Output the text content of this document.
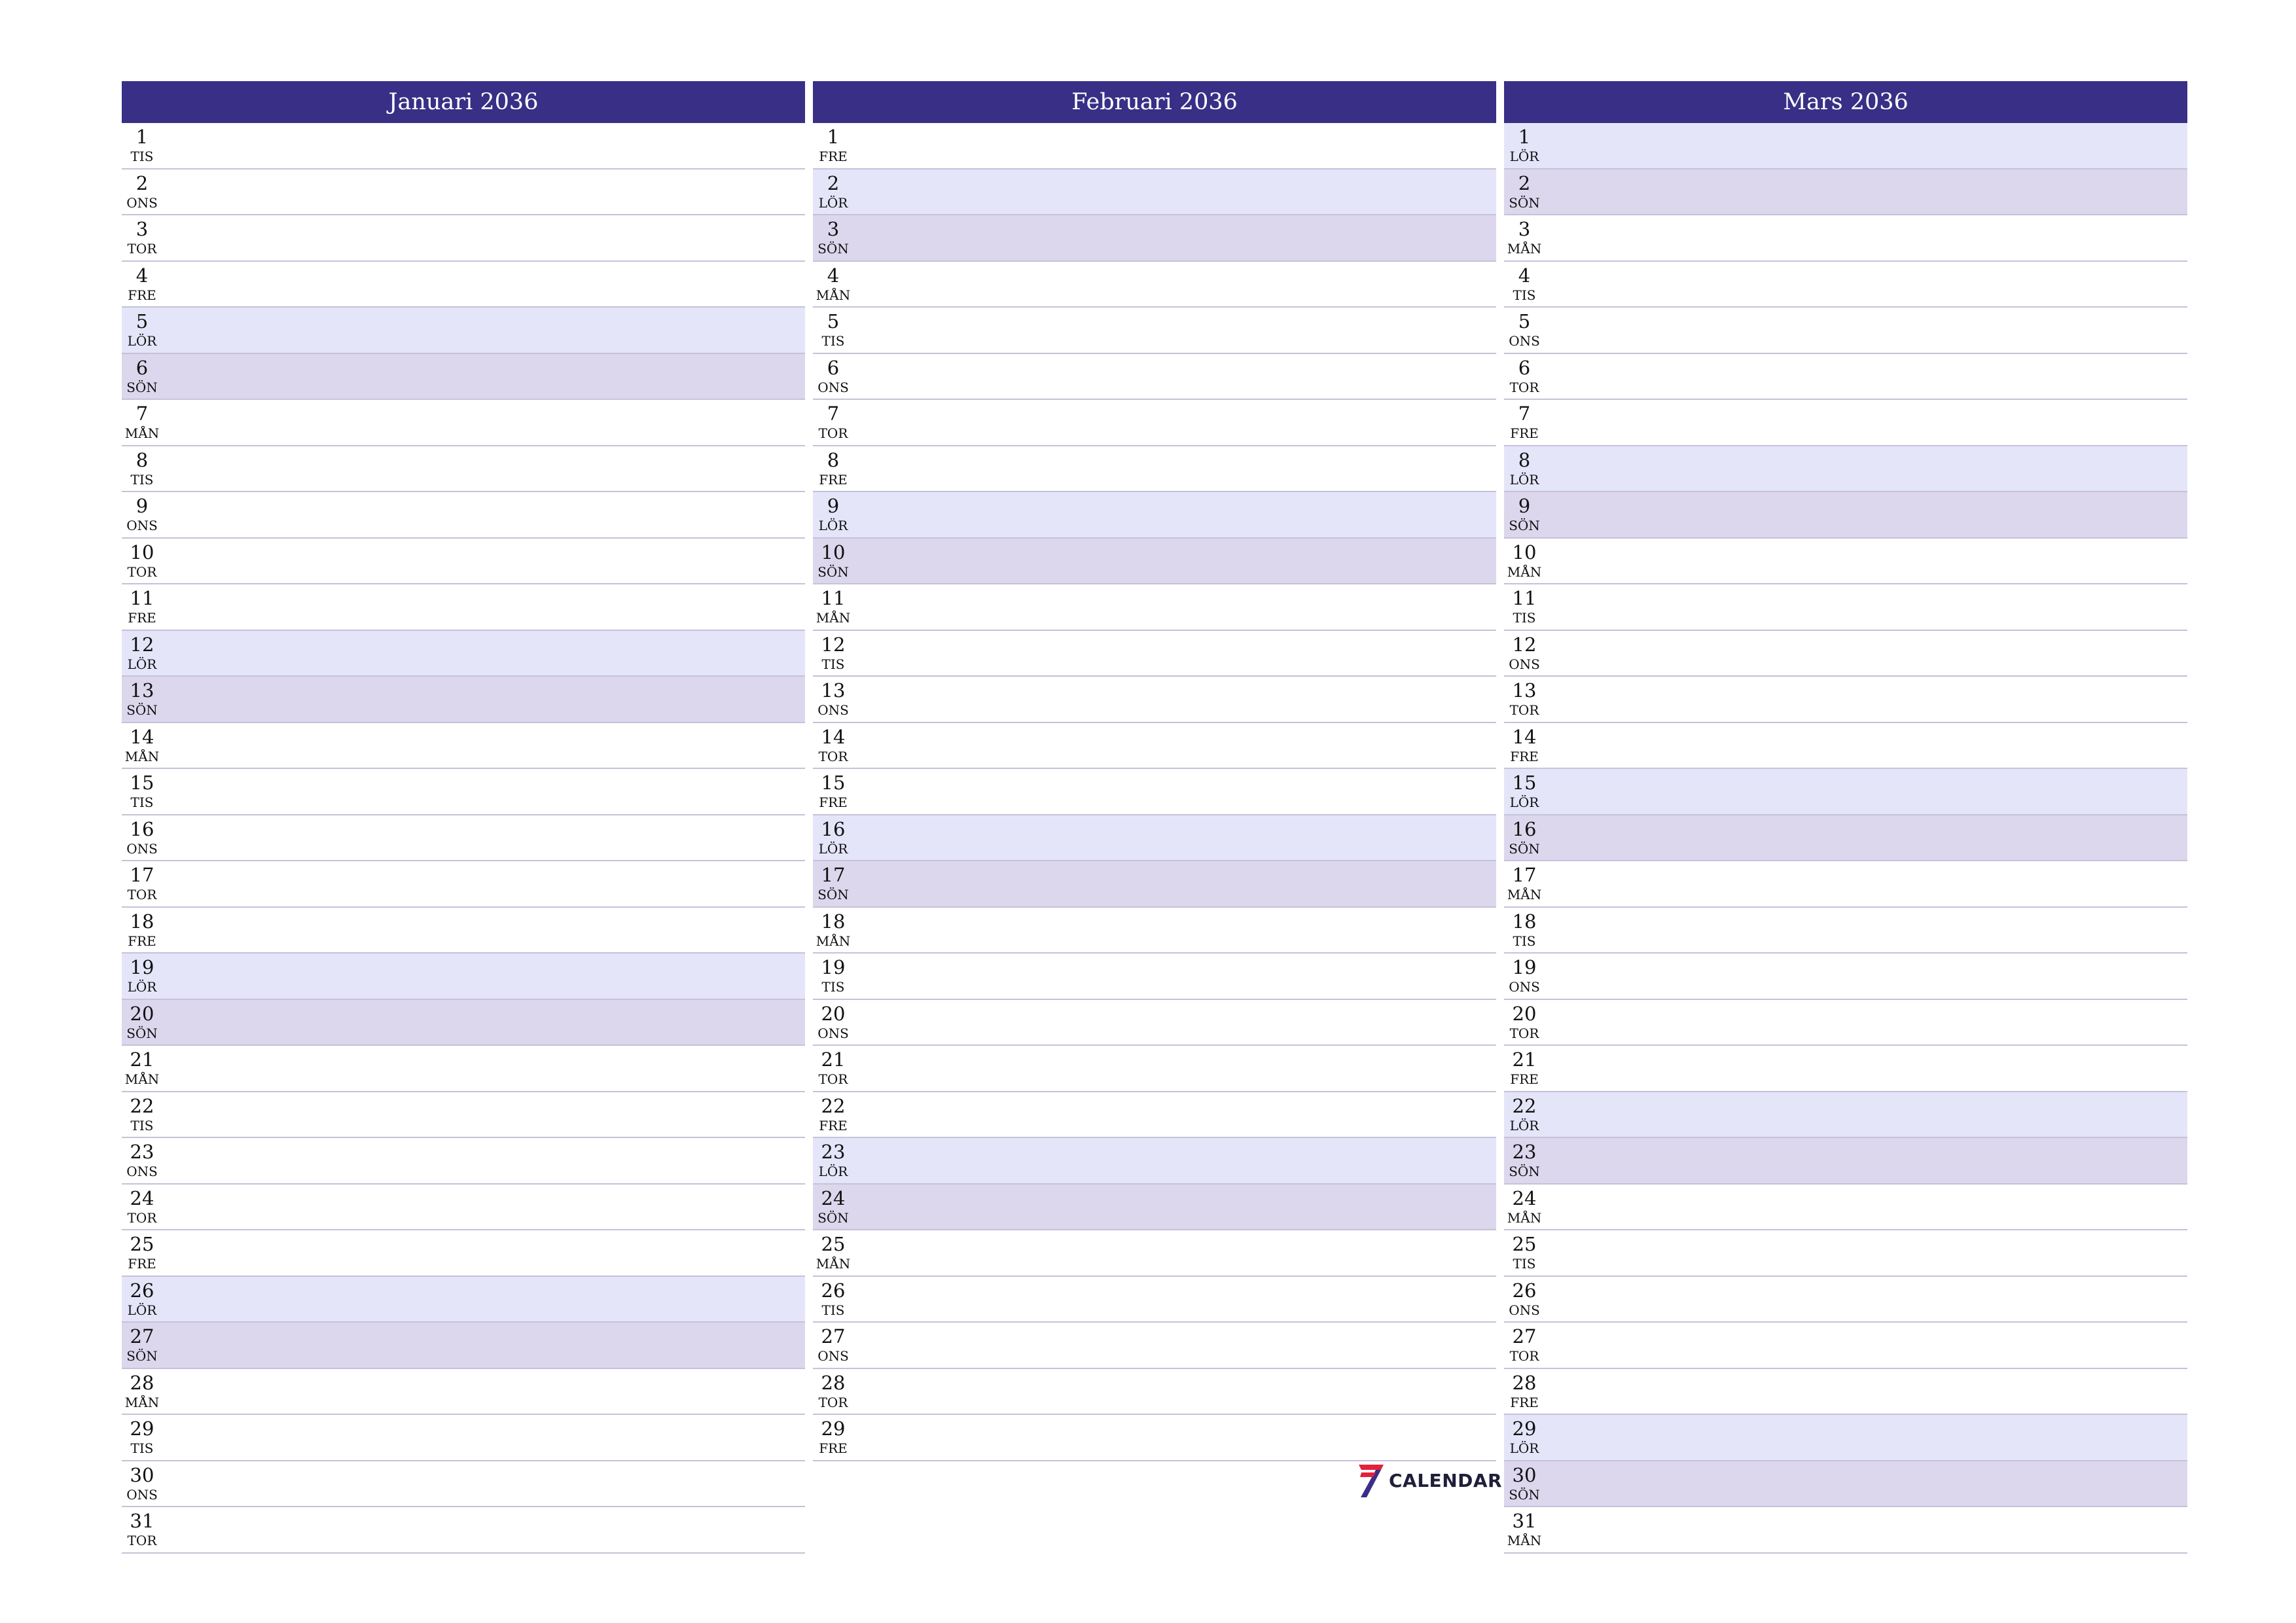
Januari 2036
1
TIS
2
ONS
3
TOR
4
FRE
5
LÖR
6
SÖN
7
MÅN
8
TIS
9
ONS
10
TOR
11
FRE
12
LÖR
13
SÖN
14
MÅN
15
TIS
16
ONS
17
TOR
18
FRE
19
LÖR
20
SÖN
21
MÅN
22
TIS
23
ONS
24
TOR
25
FRE
26
LÖR
27
SÖN
28
MÅN
29
TIS
30
ONS
31
TOR
Februari 2036
1
FRE
2
LÖR
3
SÖN
4
MÅN
5
TIS
6
ONS
7
TOR
8
FRE
9
LÖR
10
SÖN
11
MÅN
12
TIS
13
ONS
14
TOR
15
FRE
16
LÖR
17
SÖN
18
MÅN
19
TIS
20
ONS
21
TOR
22
FRE
23
LÖR
24
SÖN
25
MÅN
26
TIS
27
ONS
28
TOR
29
FRE
Mars 2036
1
LÖR
2
SÖN
3
MÅN
4
TIS
5
ONS
6
TOR
7
FRE
8
LÖR
9
SÖN
10
MÅN
11
TIS
12
ONS
13
TOR
14
FRE
15
LÖR
16
SÖN
17
MÅN
18
TIS
19
ONS
20
TOR
21
FRE
22
LÖR
23
SÖN
24
MÅN
25
TIS
26
ONS
27
TOR
28
FRE
29
LÖR
30
SÖN
31
MÅN
CALENDAR
